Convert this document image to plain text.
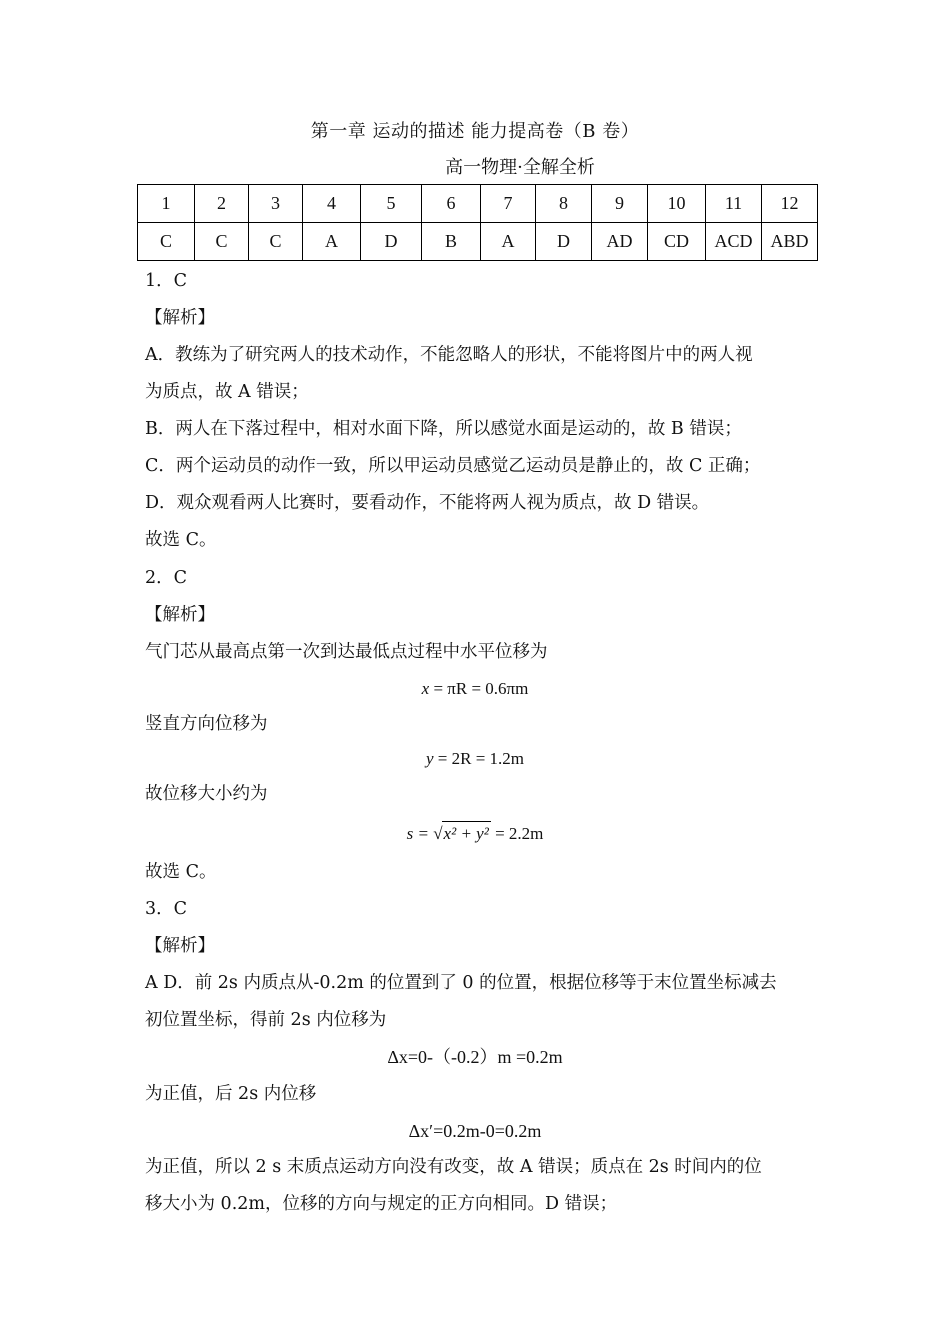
第一章 运动的描述 能力提高卷（B 卷）
高一物理·全解全析
1	2	3	4	5	6	7	8	9	10	11	12
C	C	C	A	D	B	A	D	AD	CD	ACD	ABD
1．C
【解析】
A．教练为了研究两人的技术动作，不能忽略人的形状，不能将图片中的两人视
为质点，故 A 错误；
B．两人在下落过程中，相对水面下降，所以感觉水面是运动的，故 B 错误；
C．两个运动员的动作一致，所以甲运动员感觉乙运动员是静止的，故 C 正确；
D．观众观看两人比赛时，要看动作，不能将两人视为质点，故 D 错误。
故选 C。
2．C
【解析】
气门芯从最高点第一次到达最低点过程中水平位移为
x = πR = 0.6πm
竖直方向位移为
y = 2R = 1.2m
故位移大小约为
s = √x² + y² = 2.2m
故选 C。
3．C
【解析】
A D．前 2s 内质点从-0.2m 的位置到了 0 的位置，根据位移等于末位置坐标减去
初位置坐标，得前 2s 内位移为
Δx=0-（-0.2）m =0.2m
为正值，后 2s 内位移
Δx′=0.2m-0=0.2m
为正值，所以 2 s 末质点运动方向没有改变，故 A 错误；质点在 2s 时间内的位
移大小为 0.2m，位移的方向与规定的正方向相同。D 错误；
